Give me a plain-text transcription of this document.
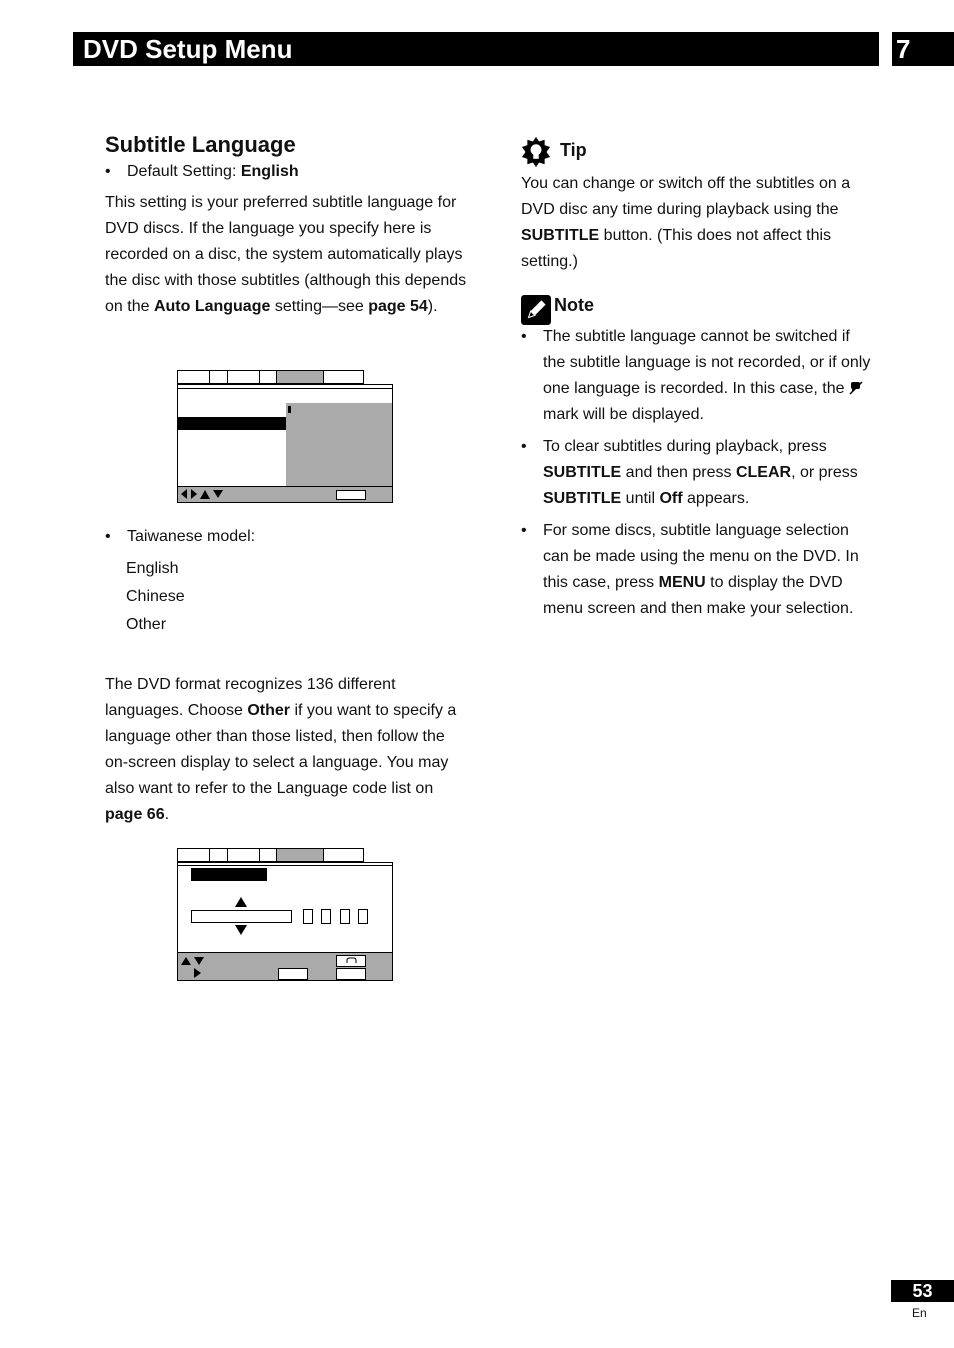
DVD Setup Menu	7
Subtitle Language
• Default Setting: English

This setting is your preferred subtitle language for DVD discs. If the language you specify here is recorded on a disc, the system automatically plays the disc with those subtitles (although this depends on the Auto Language setting—see page 54).

• Taiwanese model:
English
Chinese
Other

The DVD format recognizes 136 different languages. Choose Other if you want to specify a language other than those listed, then follow the on-screen display to select a language. You may also want to refer to the Language code list on page 66.

Tip

You can change or switch off the subtitles on a DVD disc any time during playback using the SUBTITLE button. (This does not affect this setting.)

Note
• The subtitle language cannot be switched if the subtitle language is not recorded, or if only one language is recorded. In this case, the  mark will be displayed.
• To clear subtitles during playback, press SUBTITLE and then press CLEAR, or press SUBTITLE until Off appears.
• For some discs, subtitle language selection can be made using the menu on the DVD. In this case, press MENU to display the DVD menu screen and then make your selection.
53
En
